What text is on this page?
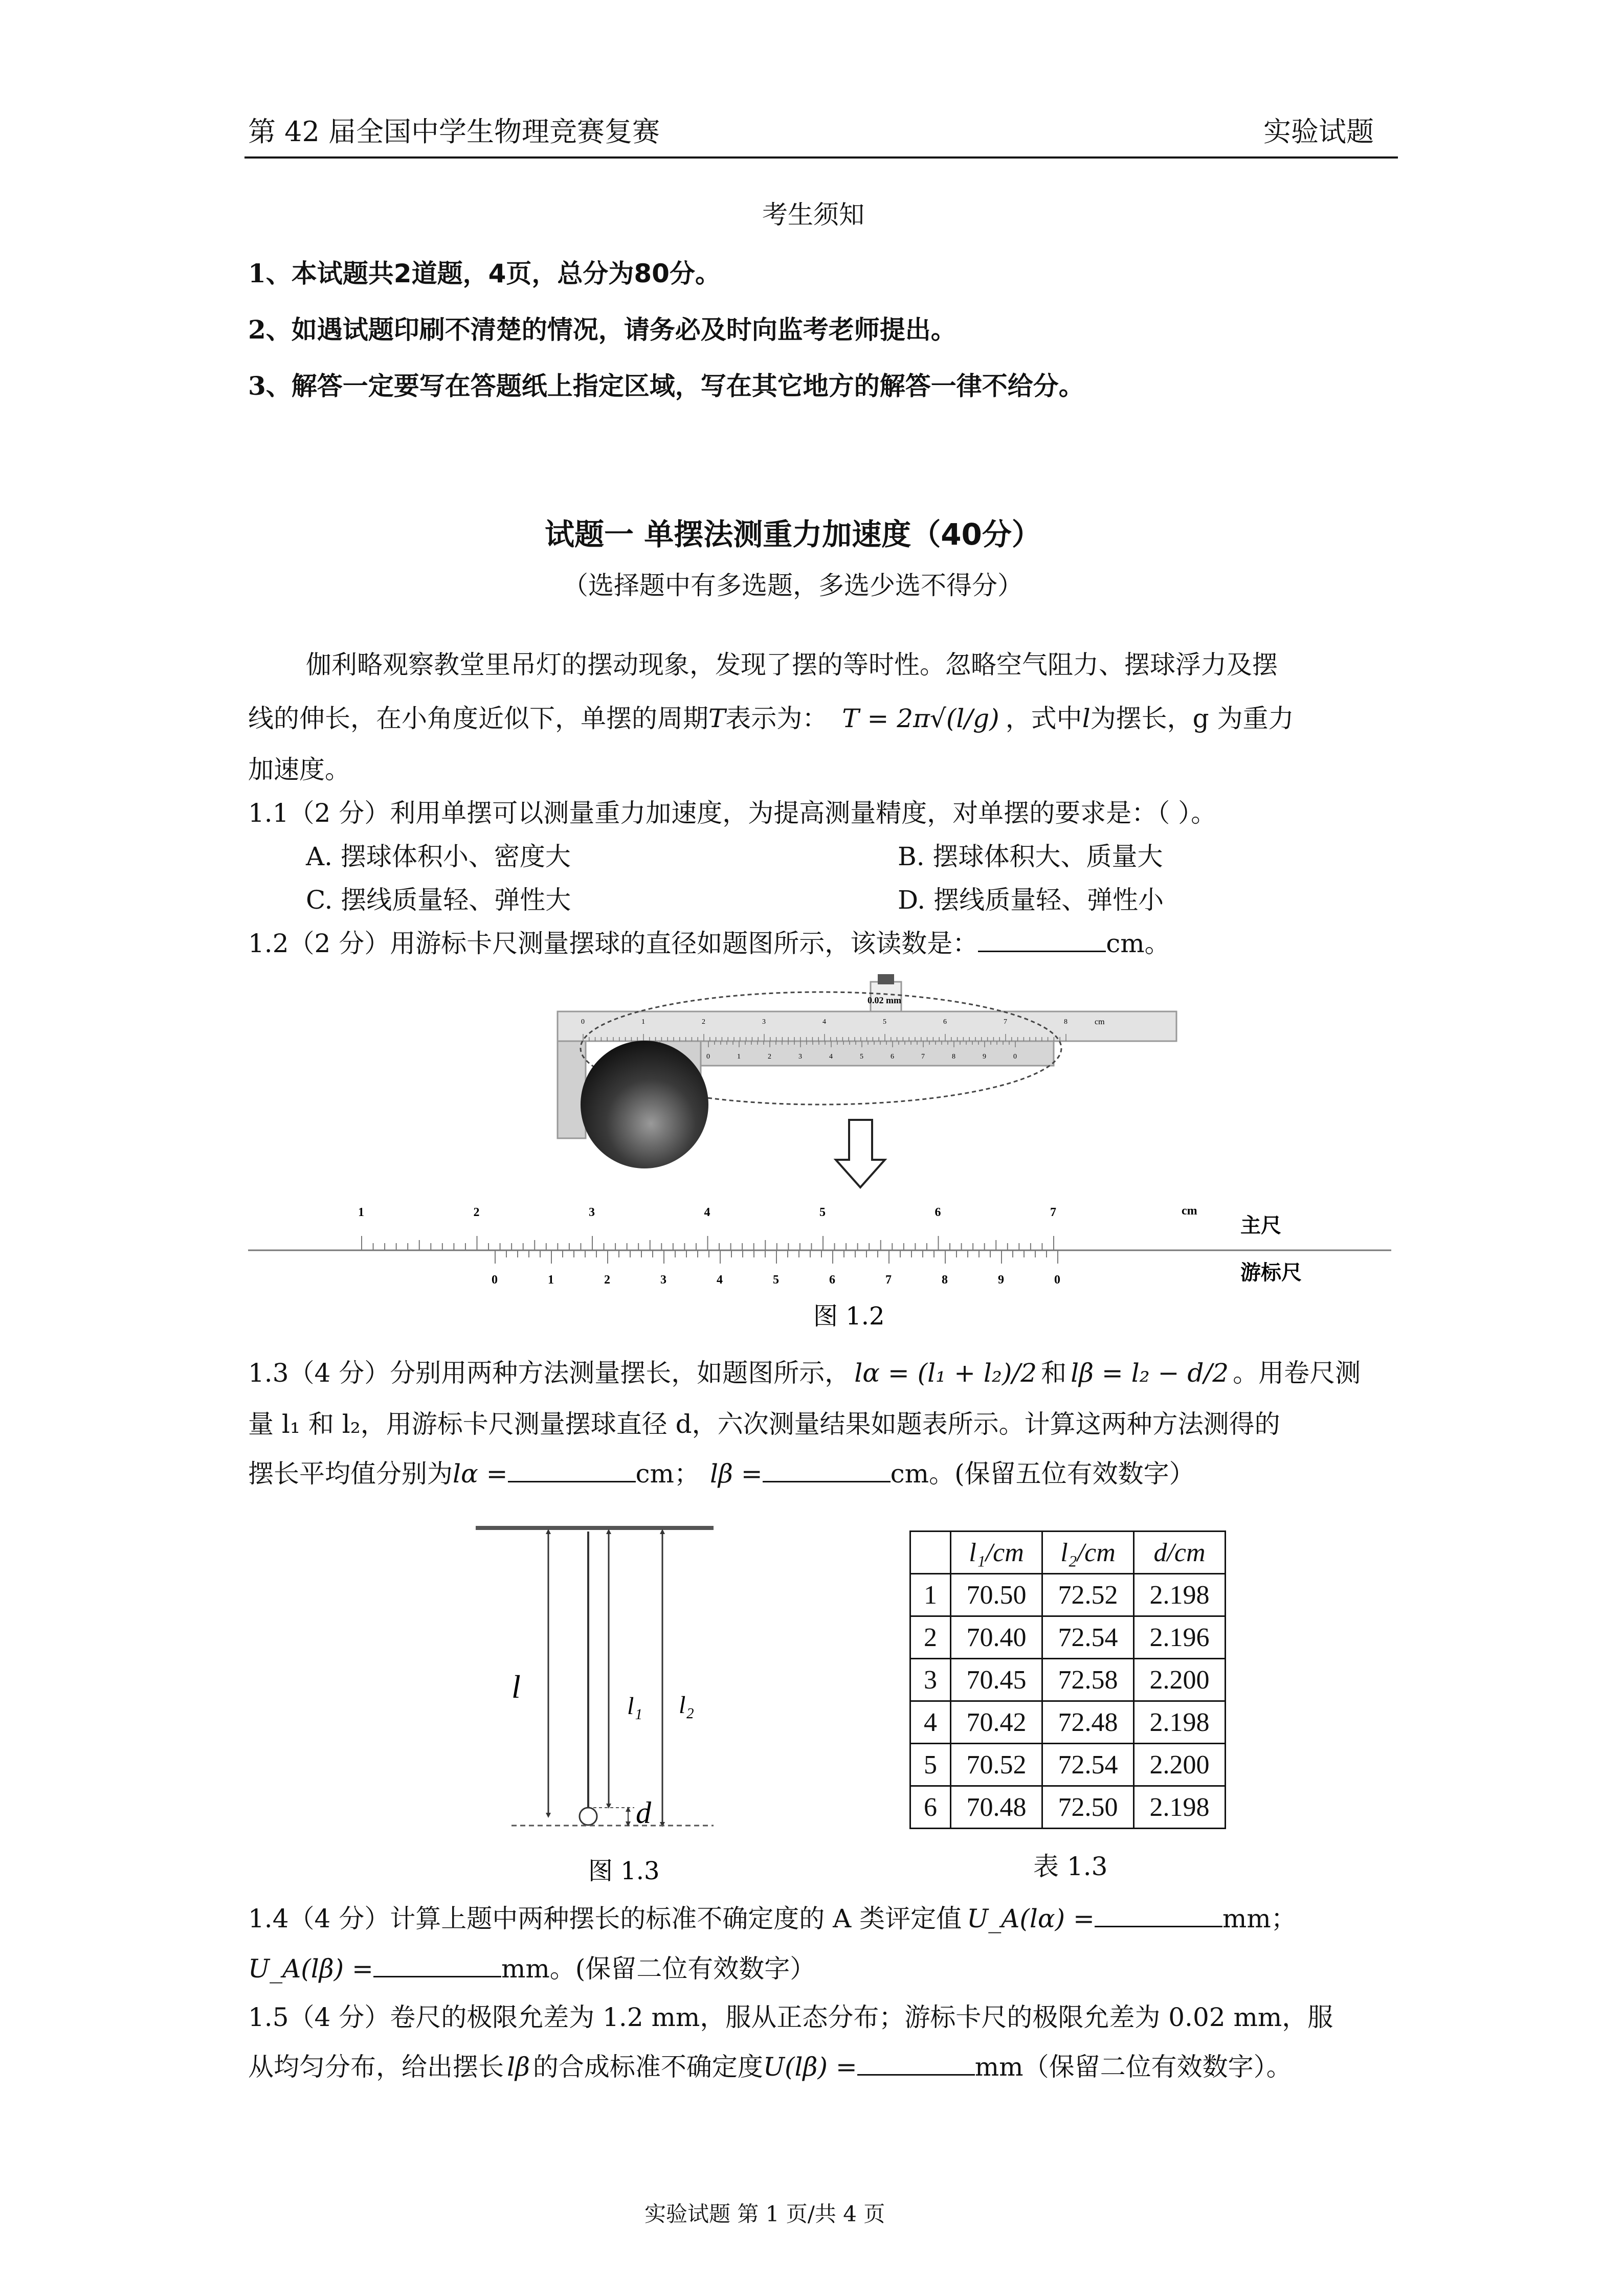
第 42 届全国中学生物理竞赛复赛	实验试题
考生须知
1、本试题共2道题，4页，总分为80分。
2、如遇试题印刷不清楚的情况，请务必及时向监考老师提出。
3、解答一定要写在答题纸上指定区域，写在其它地方的解答一律不给分。
试题一 单摆法测重力加速度（40分）
（选择题中有多选题，多选少选不得分）
伽利略观察教堂里吊灯的摆动现象，发现了摆的等时性。忽略空气阻力、摆球浮力及摆
线的伸长，在小角度近似下，单摆的周期T表示为： T = 2π√(l/g) ，式中l为摆长，g 为重力
加速度。
1.1（2 分）利用单摆可以测量重力加速度，为提高测量精度，对单摆的要求是：（ ）。
A. 摆球体积小、密度大	B. 摆球体积大、质量大
C. 摆线质量轻、弹性大	D. 摆线质量轻、弹性小
1.2（2 分）用游标卡尺测量摆球的直径如题图所示，该读数是：	cm。
0.02 mm
0	1	2	3	4	5	6	7	8
0	1	2	3	4	5	6	7	8	9	0
cm
1	2	3	4	5	6	7
0	1	2	3	4	5	6	7	8	9	0
cm
主尺
游标尺
图 1.2
1.3（4 分）分别用两种方法测量摆长，如题图所示， lα = (l₁ + l₂)/2 和 lβ = l₂ − d/2 。用卷尺测
量 l₁ 和 l₂，用游标卡尺测量摆球直径 d，六次测量结果如题表所示。计算这两种方法测得的
摆长平均值分别为lα =	cm； lβ =	cm。(保留五位有效数字）
l
l₁ l₂
d
图 1.3
	l₁/cm	l₂/cm	d/cm
1	70.50	72.52	2.198
2	70.40	72.54	2.196
3	70.45	72.58	2.200
4	70.42	72.48	2.198
5	70.52	72.54	2.200
6	70.48	72.50	2.198
表 1.3
1.4（4 分）计算上题中两种摆长的标准不确定度的 A 类评定值 U_A(lα) =	mm；
U_A(lβ) =	mm。(保留二位有效数字）
1.5（4 分）卷尺的极限允差为 1.2 mm，服从正态分布；游标卡尺的极限允差为 0.02 mm，服
从均匀分布，给出摆长 lβ 的合成标准不确定度U(lβ) =	mm（保留二位有效数字）。
实验试题 第 1 页/共 4 页
